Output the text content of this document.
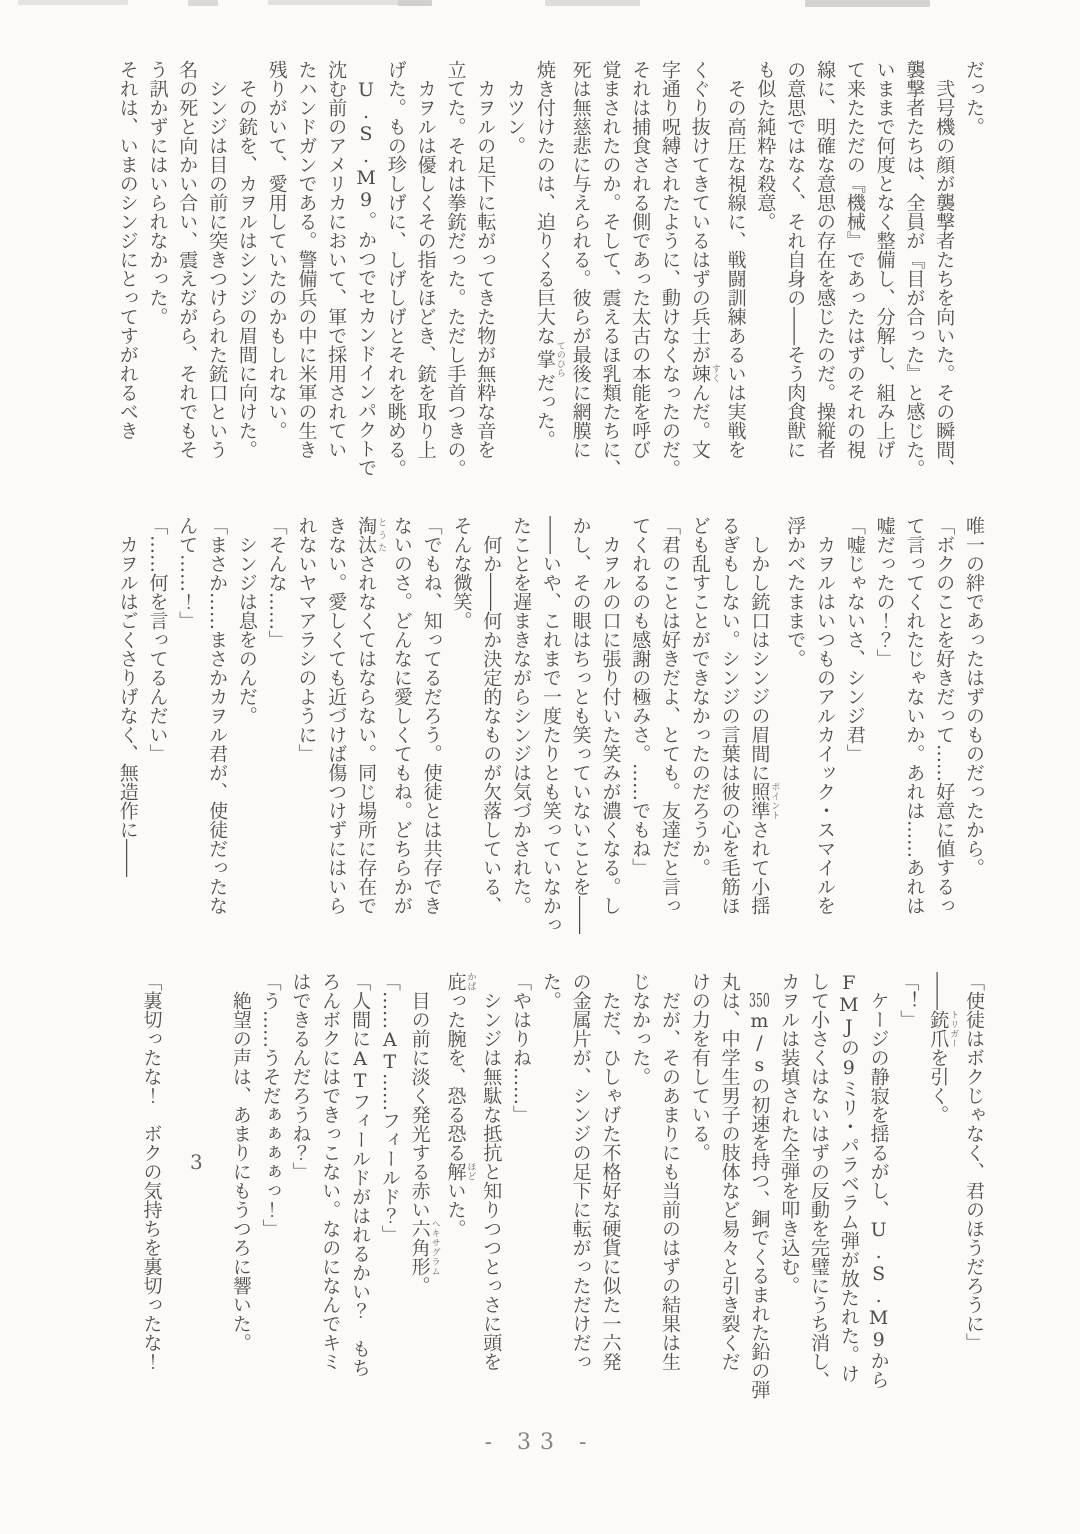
だった。
　弐号機の顔が襲撃者たちを向いた。その瞬間、
襲撃者たちは、全員が『目が合った』と感じた。
いままで何度となく整備し、分解し、組み上げ
て来たただの『機械』であったはずのそれの視
線に、明確な意思の存在を感じたのだ。操縦者
の意思ではなく、それ自身の――そう肉食獣に
も似た純粋な殺意。
　その高圧な視線に、戦闘訓練あるいは実戦を
くぐり抜けてきているはずの兵士が竦 すくんだ。文
字通り呪縛されたように、動けなくなったのだ。
それは捕食される側であった太古の本能を呼び
覚まされたのか。そして、震えるほ乳類たちに、
死は無慈悲に与えられる。彼らが最後に網膜に
焼き付けたのは、迫りくる巨大な掌 てのひらだった。
　カツン。
　カヲルの足下に転がってきた物が無粋な音を
立てた。それは拳銃だった。ただし手首つきの。
　カヲルは優しくその指をほどき、銃を取り上
げた。もの珍しげに、しげしげとそれを眺める。
　U.S.M9。かつでセカンドインパクトで
沈む前のアメリカにおいて、軍で採用されてい
たハンドガンである。警備兵の中に米軍の生き
残りがいて、愛用していたのかもしれない。
　その銃を、カヲルはシンジの眉間に向けた。
　シンジは目の前に突きつけられた銃口という
名の死と向かい合い、震えながら、それでもそ
う訊かずにはいられなかった。
それは、いまのシンジにとってすがれるべき
唯一の絆であったはずのものだったから。
「ボクのことを好きだって……好意に値するっ
て言ってくれたじゃないか。あれは……あれは
嘘だったの！？」
「嘘じゃないさ、シンジ君」
　カヲルはいつものアルカイック・スマイルを
浮かべたままで。
　しかし銃口はシンジの眉間に照準 ポイントされて小揺
るぎもしない。シンジの言葉は彼の心を毛筋ほ
ども乱すことができなかったのだろうか。
「君のことは好きだよ、とても。友達だと言っ
てくれるのも感謝の極みさ。……でもね」
　カヲルの口に張り付いた笑みが濃くなる。し
かし、その眼はちっとも笑っていないことを――
――いや、これまで一度たりとも笑っていなかっ
たことを遅まきながらシンジは気づかされた。
　何か――何か決定的なものが欠落している、
そんな微笑。
「でもね、知ってるだろう。使徒とは共存でき
ないのさ。どんなに愛しくてもね。どちらかが
淘汰 とうたされなくてはならない。同じ場所に存在で
きない。愛しくても近づけば傷つけずにはいら
れないヤマアラシのように」
「そんな……」
　シンジは息をのんだ。
「まさか……まさかカヲル君が、使徒だったな
んて……！」
「……何を言ってるんだい」
　カヲルはごくさりげなく、無造作に――
「使徒はボクじゃなく、君のほうだろうに」
――銃爪 トリガーを引く。
「！」
　ケージの静寂を揺るがし、U.S.M9から
FMJの9ミリ・パラベラム弾が放たれた。け
して小さくはないはずの反動を完璧にうち消し、
カヲルは装填された全弾を叩き込む。
　350m/sの初速を持つ、銅でくるまれた鉛の弾
丸は、中学生男子の肢体など易々と引き裂くだ
けの力を有している。
　だが、そのあまりにも当前のはずの結果は生
じなかった。
　ただ、ひしゃげた不格好な硬貨に似た一六発
の金属片が、シンジの足下に転がっただけだっ
た。
「やはりね……」
　シンジは無駄な抵抗と知りつつとっさに頭を
庇 かばった腕を、恐る恐る解 ほどいた。
　目の前に淡く発光する赤い六角形 ヘキサグラム。
「……AT……フィールド？」
「人間にATフィールドがはれるかい？　もち
ろんボクにはできっこない。なのになんでキミ
はできるんだろうね？」
「う……うそだぁぁぁぁっ！」
　絶望の声は、あまりにもうつろに響いた。

「裏切ったな！　ボクの気持ちを裏切ったな！ 3
- 33 -
